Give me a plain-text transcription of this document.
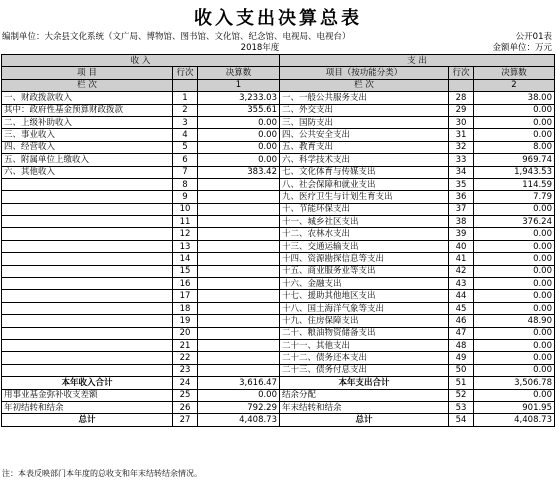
收入支出决算总表
编制单位：大余县文化系统（文广局、博物馆、图书馆、文化馆、纪念馆、电视局、电视台）	公开01表
2018年度	金额单位：万元
收 入			支 出		
项 目	行次	决算数	项目（按功能分类）	行次	决算数
栏 次		1	栏 次		2
一、财政拨款收入	1	3,233.03	一、一般公共服务支出	28	38.00
其中：政府性基金预算财政拨款	2	355.61	二、外交支出	29	0.00
二、上级补助收入	3	0.00	三、国防支出	30	0.00
三、事业收入	4	0.00	四、公共安全支出	31	0.00
四、经营收入	5	0.00	五、教育支出	32	8.00
五、附属单位上缴收入	6	0.00	六、科学技术支出	33	969.74
六、其他收入	7	383.42	七、文化体育与传媒支出	34	1,943.53
	8		八、社会保障和就业支出	35	114.59
	9		九、医疗卫生与计划生育支出	36	7.79
	10		十、节能环保支出	37	0.00
	11		十一、城乡社区支出	38	376.24
	12		十二、农林水支出	39	0.00
	13		十三、交通运输支出	40	0.00
	14		十四、资源勘探信息等支出	41	0.00
	15		十五、商业服务业等支出	42	0.00
	16		十六、金融支出	43	0.00
	17		十七、援助其他地区支出	44	0.00
	18		十八、国土海洋气象等支出	45	0.00
	19		十九、住房保障支出	46	48.90
	20		二十、粮油物资储备支出	47	0.00
	21		二十一、其他支出	48	0.00
	22		二十二、债务还本支出	49	0.00
	23		二十三、债务付息支出	50	0.00
本年收入合计	24	3,616.47	本年支出合计	51	3,506.78
用事业基金弥补收支差额	25	0.00	结余分配	52	0.00
年初结转和结余	26	792.29	年末结转和结余	53	901.95
总计	27	4,408.73	总计	54	4,408.73
注：本表反映部门本年度的总收支和年末结转结余情况。
